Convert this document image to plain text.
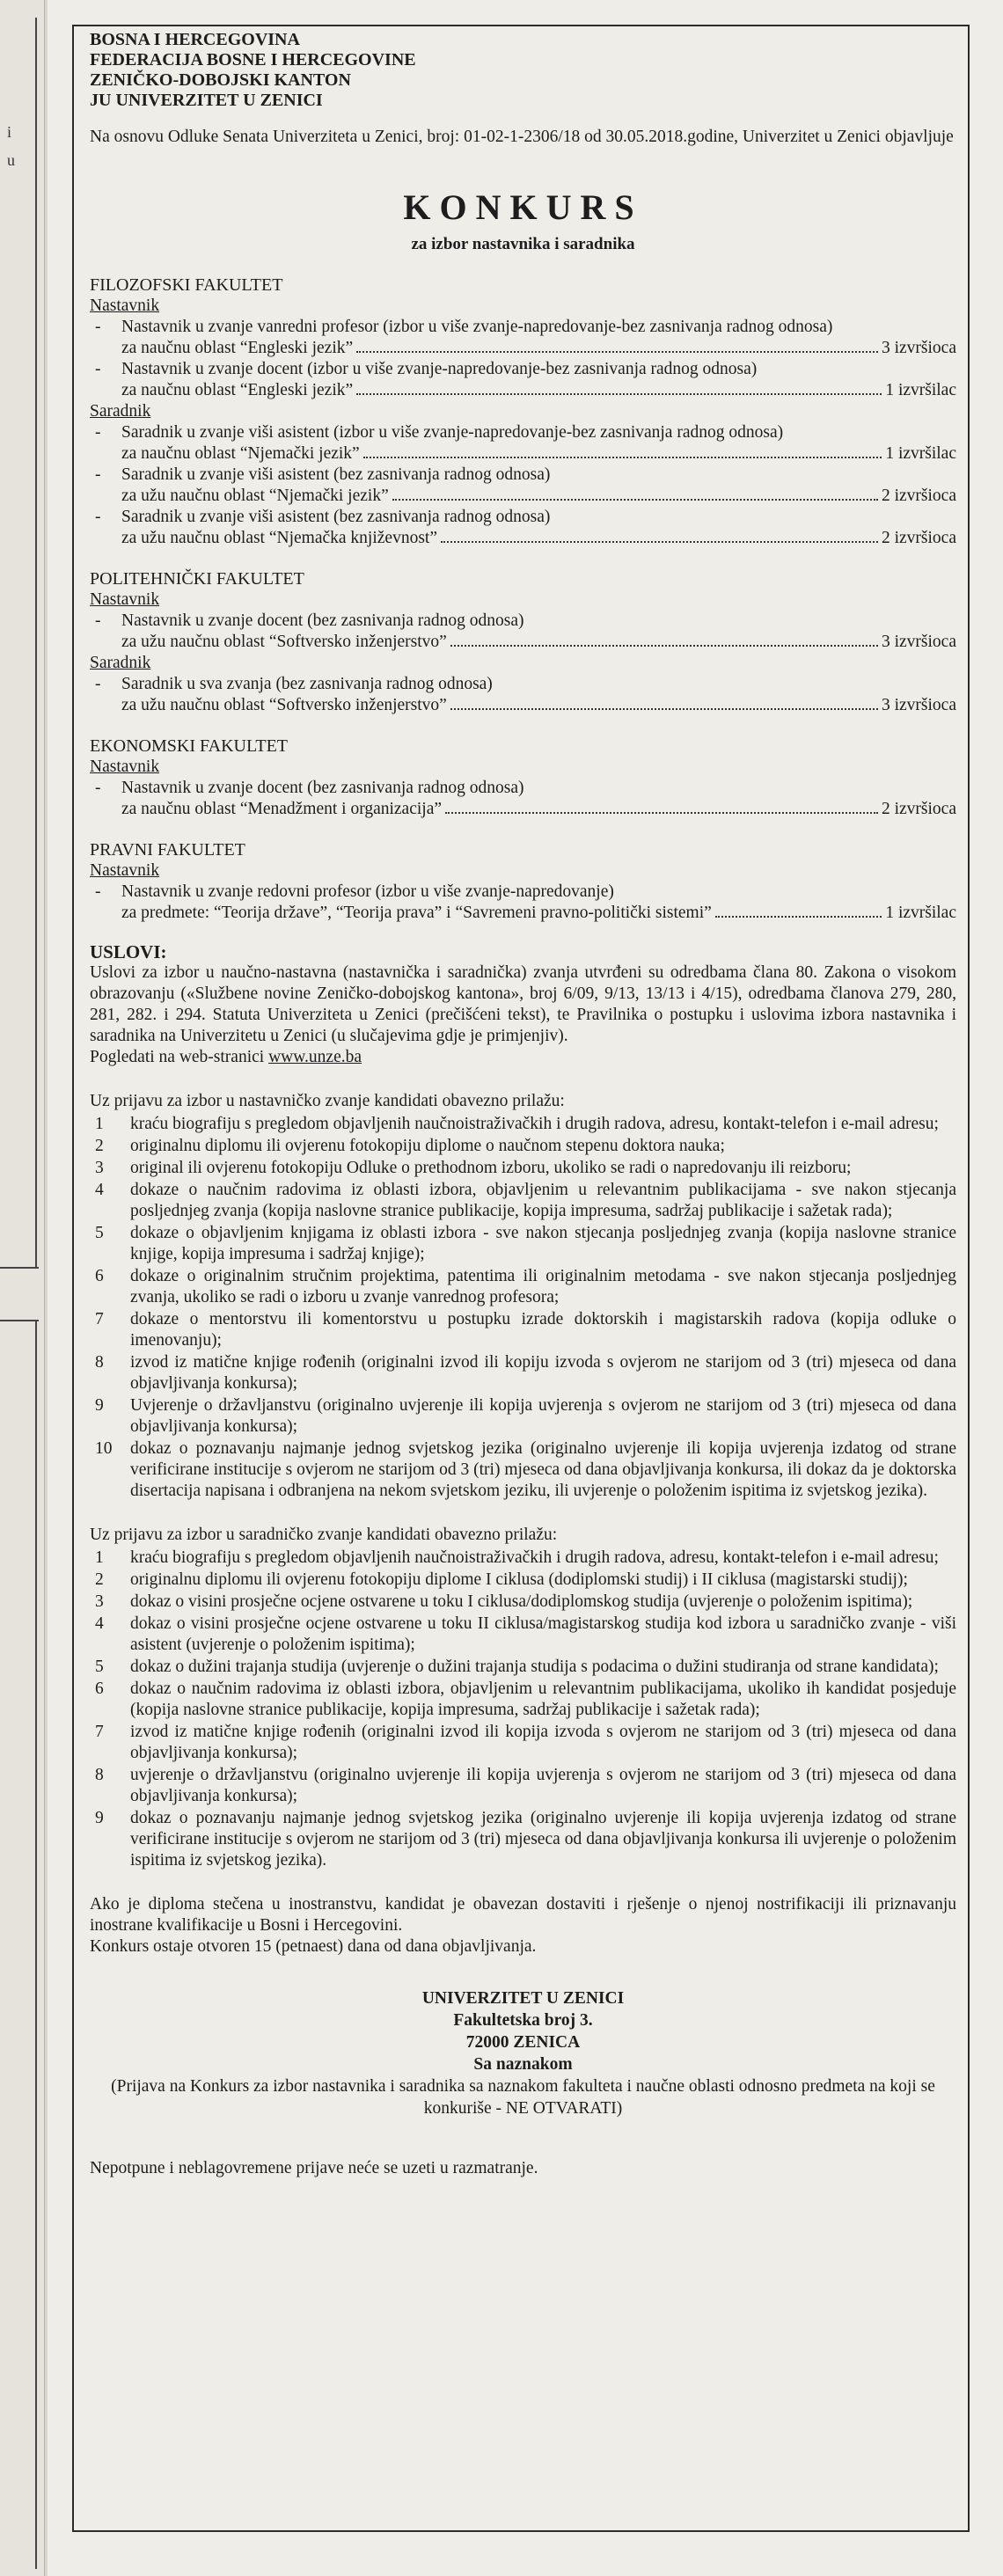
i
u
BOSNA I HERCEGOVINA
FEDERACIJA BOSNE I HERCEGOVINE
ZENIČKO-DOBOJSKI KANTON
JU UNIVERZITET U ZENICI
Na osnovu Odluke Senata Univerziteta u Zenici, broj: 01-02-1-2306/18 od 30.05.2018.godine, Univerzitet u Zenici objavljuje
KONKURS
za izbor nastavnika i saradnika
FILOZOFSKI FAKULTET
Nastavnik
-	Nastavnik u zvanje vanredni profesor (izbor u više zvanje-napredovanje-bez zasnivanja radnog odnosa)
za naučnu oblast “Engleski jezik”	3 izvršioca
-	Nastavnik u zvanje docent (izbor u više zvanje-napredovanje-bez zasnivanja radnog odnosa)
za naučnu oblast “Engleski jezik”	1 izvršilac
Saradnik
-	Saradnik u zvanje viši asistent (izbor u više zvanje-napredovanje-bez zasnivanja radnog odnosa)
za naučnu oblast “Njemački jezik”	1 izvršilac
-	Saradnik u zvanje viši asistent (bez zasnivanja radnog odnosa)
za užu naučnu oblast “Njemački jezik”	2 izvršioca
-	Saradnik u zvanje viši asistent (bez zasnivanja radnog odnosa)
za užu naučnu oblast “Njemačka književnost”	2 izvršioca
POLITEHNIČKI FAKULTET
Nastavnik
-	Nastavnik u zvanje docent (bez zasnivanja radnog odnosa)
za užu naučnu oblast “Softversko inženjerstvo”	3 izvršioca
Saradnik
-	Saradnik u sva zvanja (bez zasnivanja radnog odnosa)
za užu naučnu oblast “Softversko inženjerstvo”	3 izvršioca
EKONOMSKI FAKULTET
Nastavnik
-	Nastavnik u zvanje docent (bez zasnivanja radnog odnosa)
za naučnu oblast “Menadžment i organizacija”	2 izvršioca
PRAVNI FAKULTET
Nastavnik
-	Nastavnik u zvanje redovni profesor (izbor u više zvanje-napredovanje)
za predmete: “Teorija države”, “Teorija prava” i “Savremeni pravno-politički sistemi”	1 izvršilac
USLOVI:
Uslovi za izbor u naučno-nastavna (nastavnička i saradnička) zvanja utvrđeni su odredbama člana 80. Zakona o visokom obrazovanju («Službene novine Zeničko-dobojskog kantona», broj 6/09, 9/13, 13/13 i 4/15), odredbama članova 279, 280, 281, 282. i 294. Statuta Univerziteta u Zenici (prečišćeni tekst), te Pravilnika o postupku i uslovima izbora nastavnika i saradnika na Univerzitetu u Zenici (u slučajevima gdje je primjenjiv).
Pogledati na web-stranici www.unze.ba
Uz prijavu za izbor u nastavničko zvanje kandidati obavezno prilažu:
1	kraću biografiju s pregledom objavljenih naučnoistraživačkih i drugih radova, adresu, kontakt-telefon i e-mail adresu;
2	originalnu diplomu ili ovjerenu fotokopiju diplome o naučnom stepenu doktora nauka;
3	original ili ovjerenu fotokopiju Odluke o prethodnom izboru, ukoliko se radi o napredovanju ili reizboru;
4	dokaze o naučnim radovima iz oblasti izbora, objavljenim u relevantnim publikacijama - sve nakon stjecanja posljednjeg zvanja (kopija naslovne stranice publikacije, kopija impresuma, sadržaj publikacije i sažetak rada);
5	dokaze o objavljenim knjigama iz oblasti izbora - sve nakon stjecanja posljednjeg zvanja (kopija naslovne stranice knjige, kopija impresuma i sadržaj knjige);
6	dokaze o originalnim stručnim projektima, patentima ili originalnim metodama - sve nakon stjecanja posljednjeg zvanja, ukoliko se radi o izboru u zvanje vanrednog profesora;
7	dokaze o mentorstvu ili komentorstvu u postupku izrade doktorskih i magistarskih radova (kopija odluke o imenovanju);
8	izvod iz matične knjige rođenih (originalni izvod ili kopiju izvoda s ovjerom ne starijom od 3 (tri) mjeseca od dana objavljivanja konkursa);
9	Uvjerenje o državljanstvu (originalno uvjerenje ili kopija uvjerenja s ovjerom ne starijom od 3 (tri) mjeseca od dana objavljivanja konkursa);
10	dokaz o poznavanju najmanje jednog svjetskog jezika (originalno uvjerenje ili kopija uvjerenja izdatog od strane verificirane institucije s ovjerom ne starijom od 3 (tri) mjeseca od dana objavljivanja konkursa, ili dokaz da je doktorska disertacija napisana i odbranjena na nekom svjetskom jeziku, ili uvjerenje o položenim ispitima iz svjetskog jezika).
Uz prijavu za izbor u saradničko zvanje kandidati obavezno prilažu:
1	kraću biografiju s pregledom objavljenih naučnoistraživačkih i drugih radova, adresu, kontakt-telefon i e-mail adresu;
2	originalnu diplomu ili ovjerenu fotokopiju diplome I ciklusa (dodiplomski studij) i II ciklusa (magistarski studij);
3	dokaz o visini prosječne ocjene ostvarene u toku I ciklusa/dodiplomskog studija (uvjerenje o položenim ispitima);
4	dokaz o visini prosječne ocjene ostvarene u toku II ciklusa/magistarskog studija kod izbora u saradničko zvanje - viši asistent (uvjerenje o položenim ispitima);
5	dokaz o dužini trajanja studija (uvjerenje o dužini trajanja studija s podacima o dužini studiranja od strane kandidata);
6	dokaz o naučnim radovima iz oblasti izbora, objavljenim u relevantnim publikacijama, ukoliko ih kandidat posjeduje (kopija naslovne stranice publikacije, kopija impresuma, sadržaj publikacije i sažetak rada);
7	izvod iz matične knjige rođenih (originalni izvod ili kopija izvoda s ovjerom ne starijom od 3 (tri) mjeseca od dana objavljivanja konkursa);
8	uvjerenje o državljanstvu (originalno uvjerenje ili kopija uvjerenja s ovjerom ne starijom od 3 (tri) mjeseca od dana objavljivanja konkursa);
9	dokaz o poznavanju najmanje jednog svjetskog jezika (originalno uvjerenje ili kopija uvjerenja izdatog od strane verificirane institucije s ovjerom ne starijom od 3 (tri) mjeseca od dana objavljivanja konkursa ili uvjerenje o položenim ispitima iz svjetskog jezika).
Ako je diploma stečena u inostranstvu, kandidat je obavezan dostaviti i rješenje o njenoj nostrifikaciji ili priznavanju inostrane kvalifikacije u Bosni i Hercegovini.
Konkurs ostaje otvoren 15 (petnaest) dana od dana objavljivanja.
UNIVERZITET U ZENICI
Fakultetska broj 3.
72000 ZENICA
Sa naznakom
(Prijava na Konkurs za izbor nastavnika i saradnika sa naznakom fakulteta i naučne oblasti odnosno predmeta na koji se konkuriše - NE OTVARATI)
Nepotpune i neblagovremene prijave neće se uzeti u razmatranje.
